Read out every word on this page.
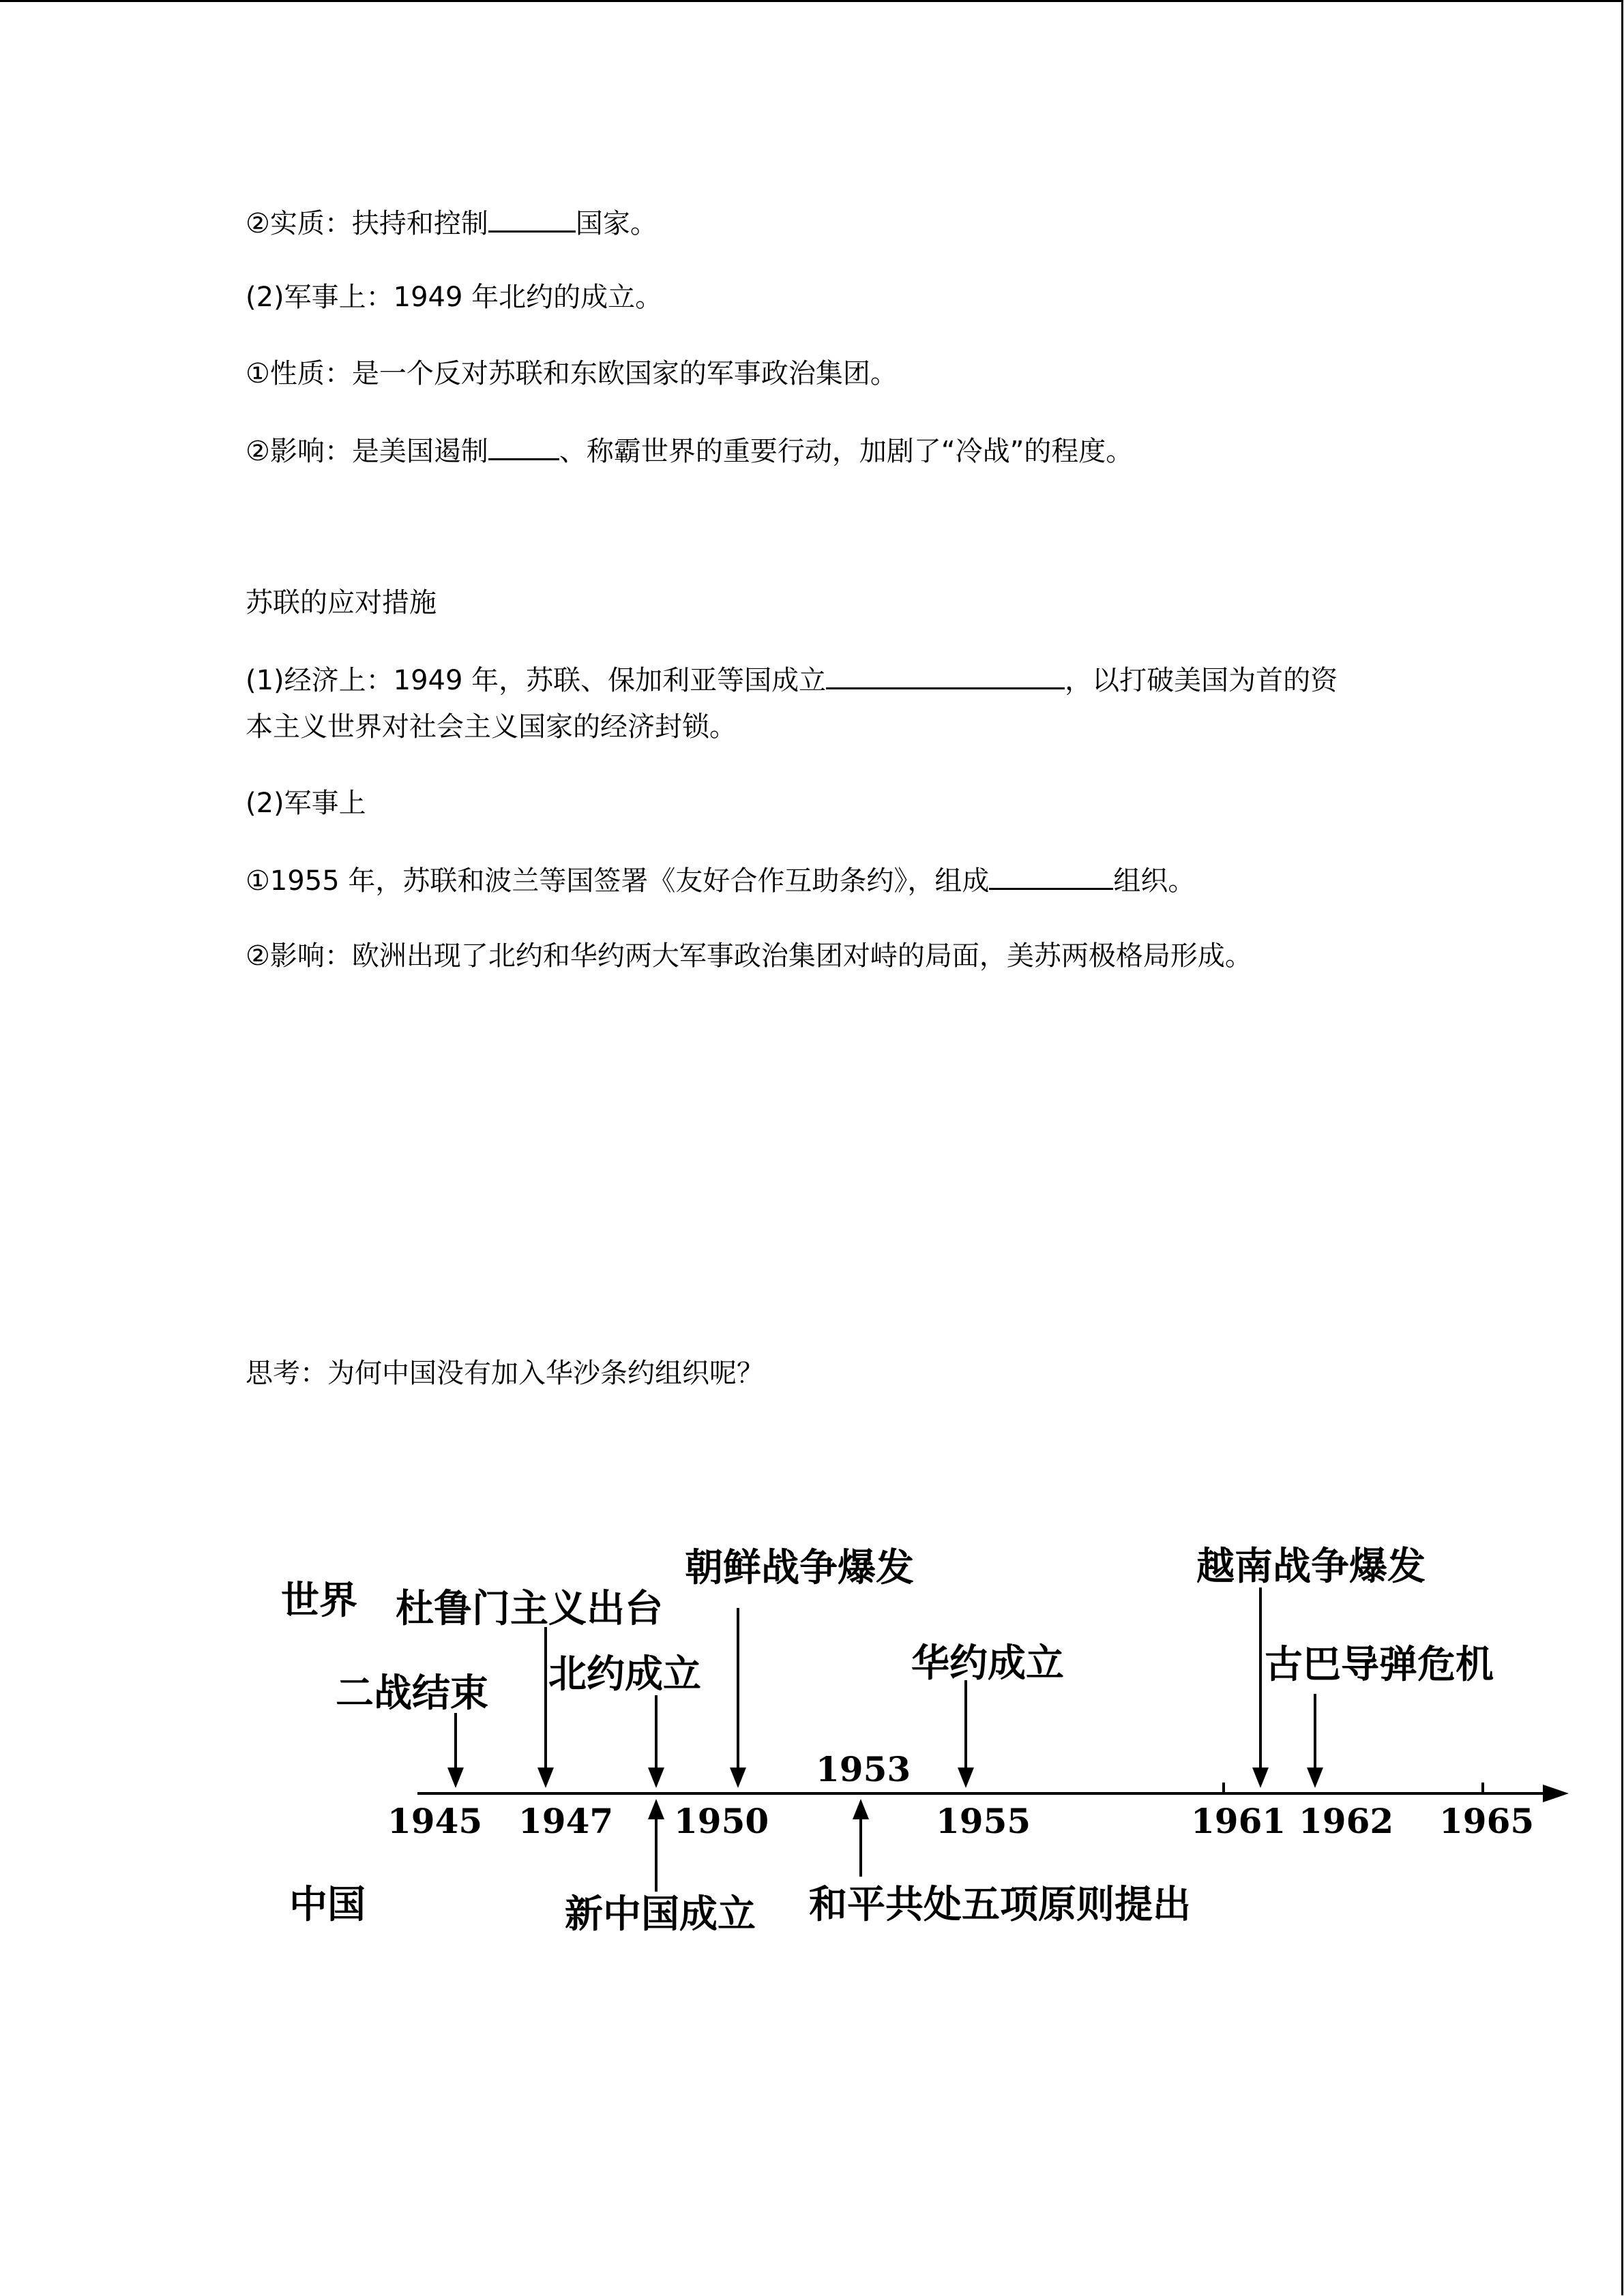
②实质：扶持和控制	国家。
(2)军事上：1949 年北约的成立。
①性质：是一个反对苏联和东欧国家的军事政治集团。
②影响：是美国遏制	、称霸世界的重要行动，加剧了“冷战”的程度。
苏联的应对措施
(1)经济上：1949 年，苏联、保加利亚等国成立	，以打破美国为首的资
本主义世界对社会主义国家的经济封锁。
(2)军事上
①1955 年，苏联和波兰等国签署《友好合作互助条约》，组成	组织。
②影响：欧洲出现了北约和华约两大军事政治集团对峙的局面，美苏两极格局形成。
思考：为何中国没有加入华沙条约组织呢？
世界
中国
1945 1947 1950	1955	1961 1962 1965
1953
二战结束
杜鲁门主义出台
北约成立
朝鲜战争爆发
华约成立
越南战争爆发
古巴导弹危机
新中国成立 和平共处五项原则提出
